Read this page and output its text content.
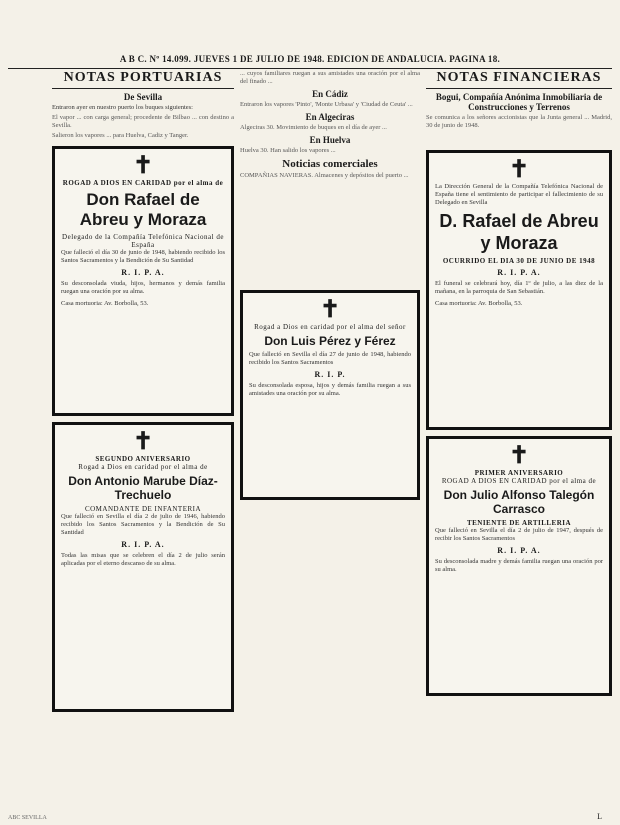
A B C. Nº 14.099. JUEVES 1 DE JULIO DE 1948. EDICION DE ANDALUCIA. PAGINA 18.
NOTAS PORTUARIAS
De Sevilla

Entraron ayer en nuestro puerto los buques siguientes:

El vapor ... con carga general; procedente de Bilbao ... con destino a Sevilla.

Salieron los vapores ... para Huelva, Cadiz y Tanger.

✝
ROGAD A DIOS EN CARIDAD por el alma de
Don Rafael de Abreu y Moraza
Delegado de la Compañía Telefónica Nacional de España
Que falleció el día 30 de junio de 1948, habiendo recibido los Santos Sacramentos y la Bendición de Su Santidad
R. I. P. A.
Su desconsolada viuda, hijos, hermanos y demás familia ruegan una oración por su alma.
Casa mortuoria: Av. Borbolla, 53.
✝
SEGUNDO ANIVERSARIO
Rogad a Dios en caridad por el alma de
Don Antonio Marube Díaz-Trechuelo
COMANDANTE DE INFANTERIA
Que falleció en Sevilla el día 2 de julio de 1946, habiendo recibido los Santos Sacramentos y la Bendición de Su Santidad
R. I. P. A.
Todas las misas que se celebren el día 2 de julio serán aplicadas por el eterno descanso de su alma.

... cuyos familiares ruegan a sus amistades una oración por el alma del finado ...

En Cádiz

Entraron los vapores 'Pinto', 'Monte Urbasa' y 'Ciudad de Ceuta' ...

En Algeciras

Algeciras 30. Movimiento de buques en el día de ayer ...

En Huelva

Huelva 30. Han salido los vapores ...

Noticias comerciales

COMPAÑIAS NAVIERAS. Almacenes y depósitos del puerto ...

✝
Rogad a Dios en caridad por el alma del señor
Don Luis Pérez y Férez
Que falleció en Sevilla el día 27 de junio de 1948, habiendo recibido los Santos Sacramentos
R. I. P.
Su desconsolada esposa, hijos y demás familia ruegan a sus amistades una oración por su alma.
NOTAS FINANCIERAS
Bogui, Compañía Anónima Inmobiliaria de Construcciones y Terrenos

Se comunica a los señores accionistas que la Junta general ... Madrid, 30 de junio de 1948.

✝
La Dirección General de la Compañía Telefónica Nacional de España tiene el sentimiento de participar el fallecimiento de su Delegado en Sevilla
D. Rafael de Abreu y Moraza
OCURRIDO EL DIA 30 DE JUNIO DE 1948
R. I. P. A.
El funeral se celebrará hoy, día 1º de julio, a las diez de la mañana, en la parroquia de San Sebastián.
Casa mortuoria: Av. Borbolla, 53.
✝
PRIMER ANIVERSARIO
ROGAD A DIOS EN CARIDAD por el alma de
Don Julio Alfonso Talegón Carrasco
TENIENTE DE ARTILLERIA
Que falleció en Sevilla el día 2 de julio de 1947, después de recibir los Santos Sacramentos
R. I. P. A.
Su desconsolada madre y demás familia ruegan una oración por su alma.
ABC SEVILLA	L
